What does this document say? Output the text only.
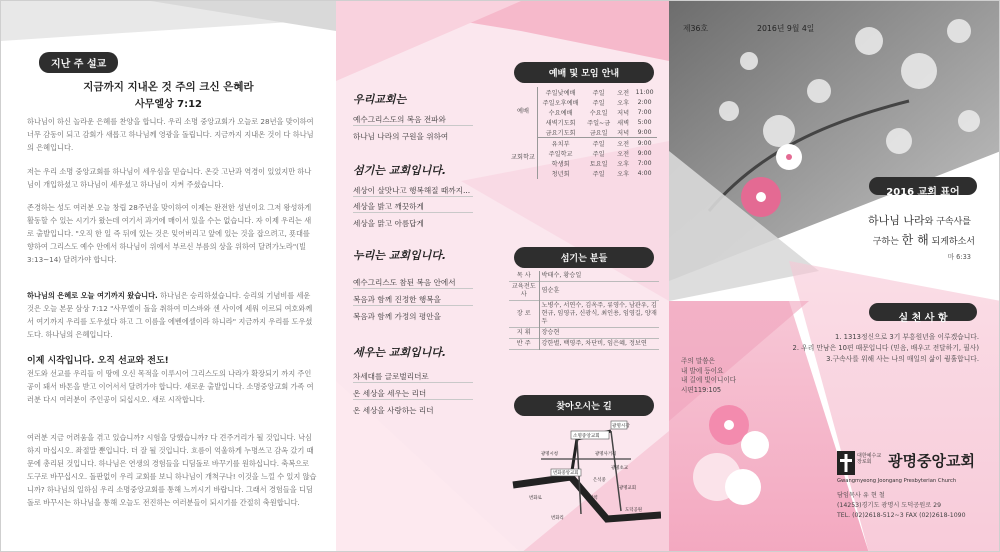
지난 주 설교
지금까지 지내온 것 주의 크신 은혜라
사무엘상 7:12
하나님이 하신 놀라운 은혜를 찬양을 합니다. 우리 소명 중앙교회가 오늘로 28년을 맞이하여 너무 감동이 되고 감회가 새롭고 하나님께 영광을 돌립니다. 지금까지 지내온 것이 다 하나님의 은혜입니다.
저는 우리 소명 중앙교회를 하나님이 세우심을 믿습니다. 온갖 고난과 역경이 있었지만 하나님이 개입하셨고 하나님이 세우셨고 하나님이 지켜 주셨습니다.
존경하는 성도 여러분 오늘 창립 28주년을 맞이하여 이제는 완전한 성년이요 그저 왕성하게 활동할 수 있는 시기가 왔는데 여기서 과거에 매이서 있을 수는 없습니다. 자 이제 우리는 새로 출발입니다. "오직 한 일 즉 뒤에 있는 것은 잊어버리고 앞에 있는 것을 잡으려고, 푯대를 향하여 그리스도 예수 안에서 하나님이 위에서 부르신 부름의 상을 위하여 달려가노라"(빌3:13~14) 달려가야 합니다.
하나님의 은혜로 오늘 여기까지 왔습니다. 하나님은 승리하셨습니다. 승리의 기념비를 세운 것은 오늘 본문 삼상 7:12 "사무엘이 돌을 취하여 미스바와 센 사이에 세워 이르되 여호와께서 여기까지 우리를 도우셨다 하고 그 이름을 에벤에셀이라 하니라" 지금까지 우리를 도우셨도다. 하나님의 은혜입니다.
이제 시작입니다. 오직 선교와 전도!
전도와 선교를 우리들 이 땅에 오신 목적을 이루시어 그리스도의 나라가 확장되기 까지 주인공이 돼서 바톤을 받고 이어서서 달려가야 합니다. 새로운 출발입니다. 소명중앙교회 가족 여러분 다시 여러분이 주인공이 되십시오. 새로 시작합니다.
여러분 지금 어려움을 겪고 있습니까? 시험을 당했습니까? 다 견주거리가 될 것입니다. 낙심하지 마십시오. 좌절말 뿐입니다. 더 잘 될 것입니다. 흐름이 억울하게 누명쓰고 감옥 갔기 때문에 총리된 것입니다. 하나님은 연생의 경험들을 디딤돌로 바꾸기를 원하십니다. 축복으로 도구로 바꾸십시오. 돌판없이 우리 교회를 보니 하나님이 개척구나! 이것을 느낄 수 있지 않습니까? 하나님의 일하심 우리 소명중앙교회를 통해 느끼시기 바랍니다. 그래서 경험들을 디딤돌로 바꾸시는 하나님을 통해 오늘도 전진하는 여러분들이 되시기를 간절히 축원합니다.
우리교회는
예수그리스도의 복음 전파와
하나님 나라의 구원을 위하여
섬기는 교회입니다.
세상이 살맛나고 행복해질 때까지...
세상을 밝고 깨끗하게
세상을 맑고 아름답게
누리는 교회입니다.
예수그리스도 참된 복음 안에서
복음과 함께 진정한 행복을
복음과 함께 가정의 평안을
세우는 교회입니다.
차세대를 글로벌리더로
온 세상을 세우는 리더
온 세상을 사랑하는 리더
예배 및 모임 안내
예배	주일낮예배	주일	오전	11:00
	주일오후예배	주일	오후	2:00
	수요예배	수요일	저녁	7:00
	새벽기도회	주일~금	새벽	5:00
	금요기도회	금요일	저녁	9:00
교회학교	유치부	주일	오전	9:00
	주일학교	주일	오전	9:00
	학생회	토요일	오후	7:00
	청년회	주일	오후	4:00
섬기는 분들
목 사	박태수, 황승일
교육전도사	염순훈
장 로	노병수, 서연수, 김옥주, 류영수, 남관우, 김현규, 임영규, 신광식, 최인용, 임영길, 양재두
지 휘	장승현
반 주	강한별, 백영주, 차단비, 임은혜, 정보연
찾아오시는 길
광명시장
소명중앙교회
번화중앙교회
광명시청	광명사거리
번화로
은석중
광명초교
도덕공원
철산역
광명교회
번화리
제36호	2016년 9월 4일
2016 교회 표어
하나님 나라와 구속사를
구하는 한 해 되게하소서
마 6:33
실 천 사 항
1. 1313정신으로 3기 부흥원년을 이루겠습니다.
2. 우리 만남은 10편 때문입니다 (믿음, 배우고 전달하기, 필사)
3.구속사를 위해 사는 나의 매일의 삶이 퀑훌합니다.
주의 말씀은
내 발에 등이요
내 길에 빛이니이다
시편119:105
대한예수교 장로회	광명중앙교회
Gwangmyeong Joongang Presbyterian Church
담임목사 유 현 철
(14253)경기도 광명시 도덕공원로 29
TEL. (02)2618-512~3 FAX (02)2618-1090
